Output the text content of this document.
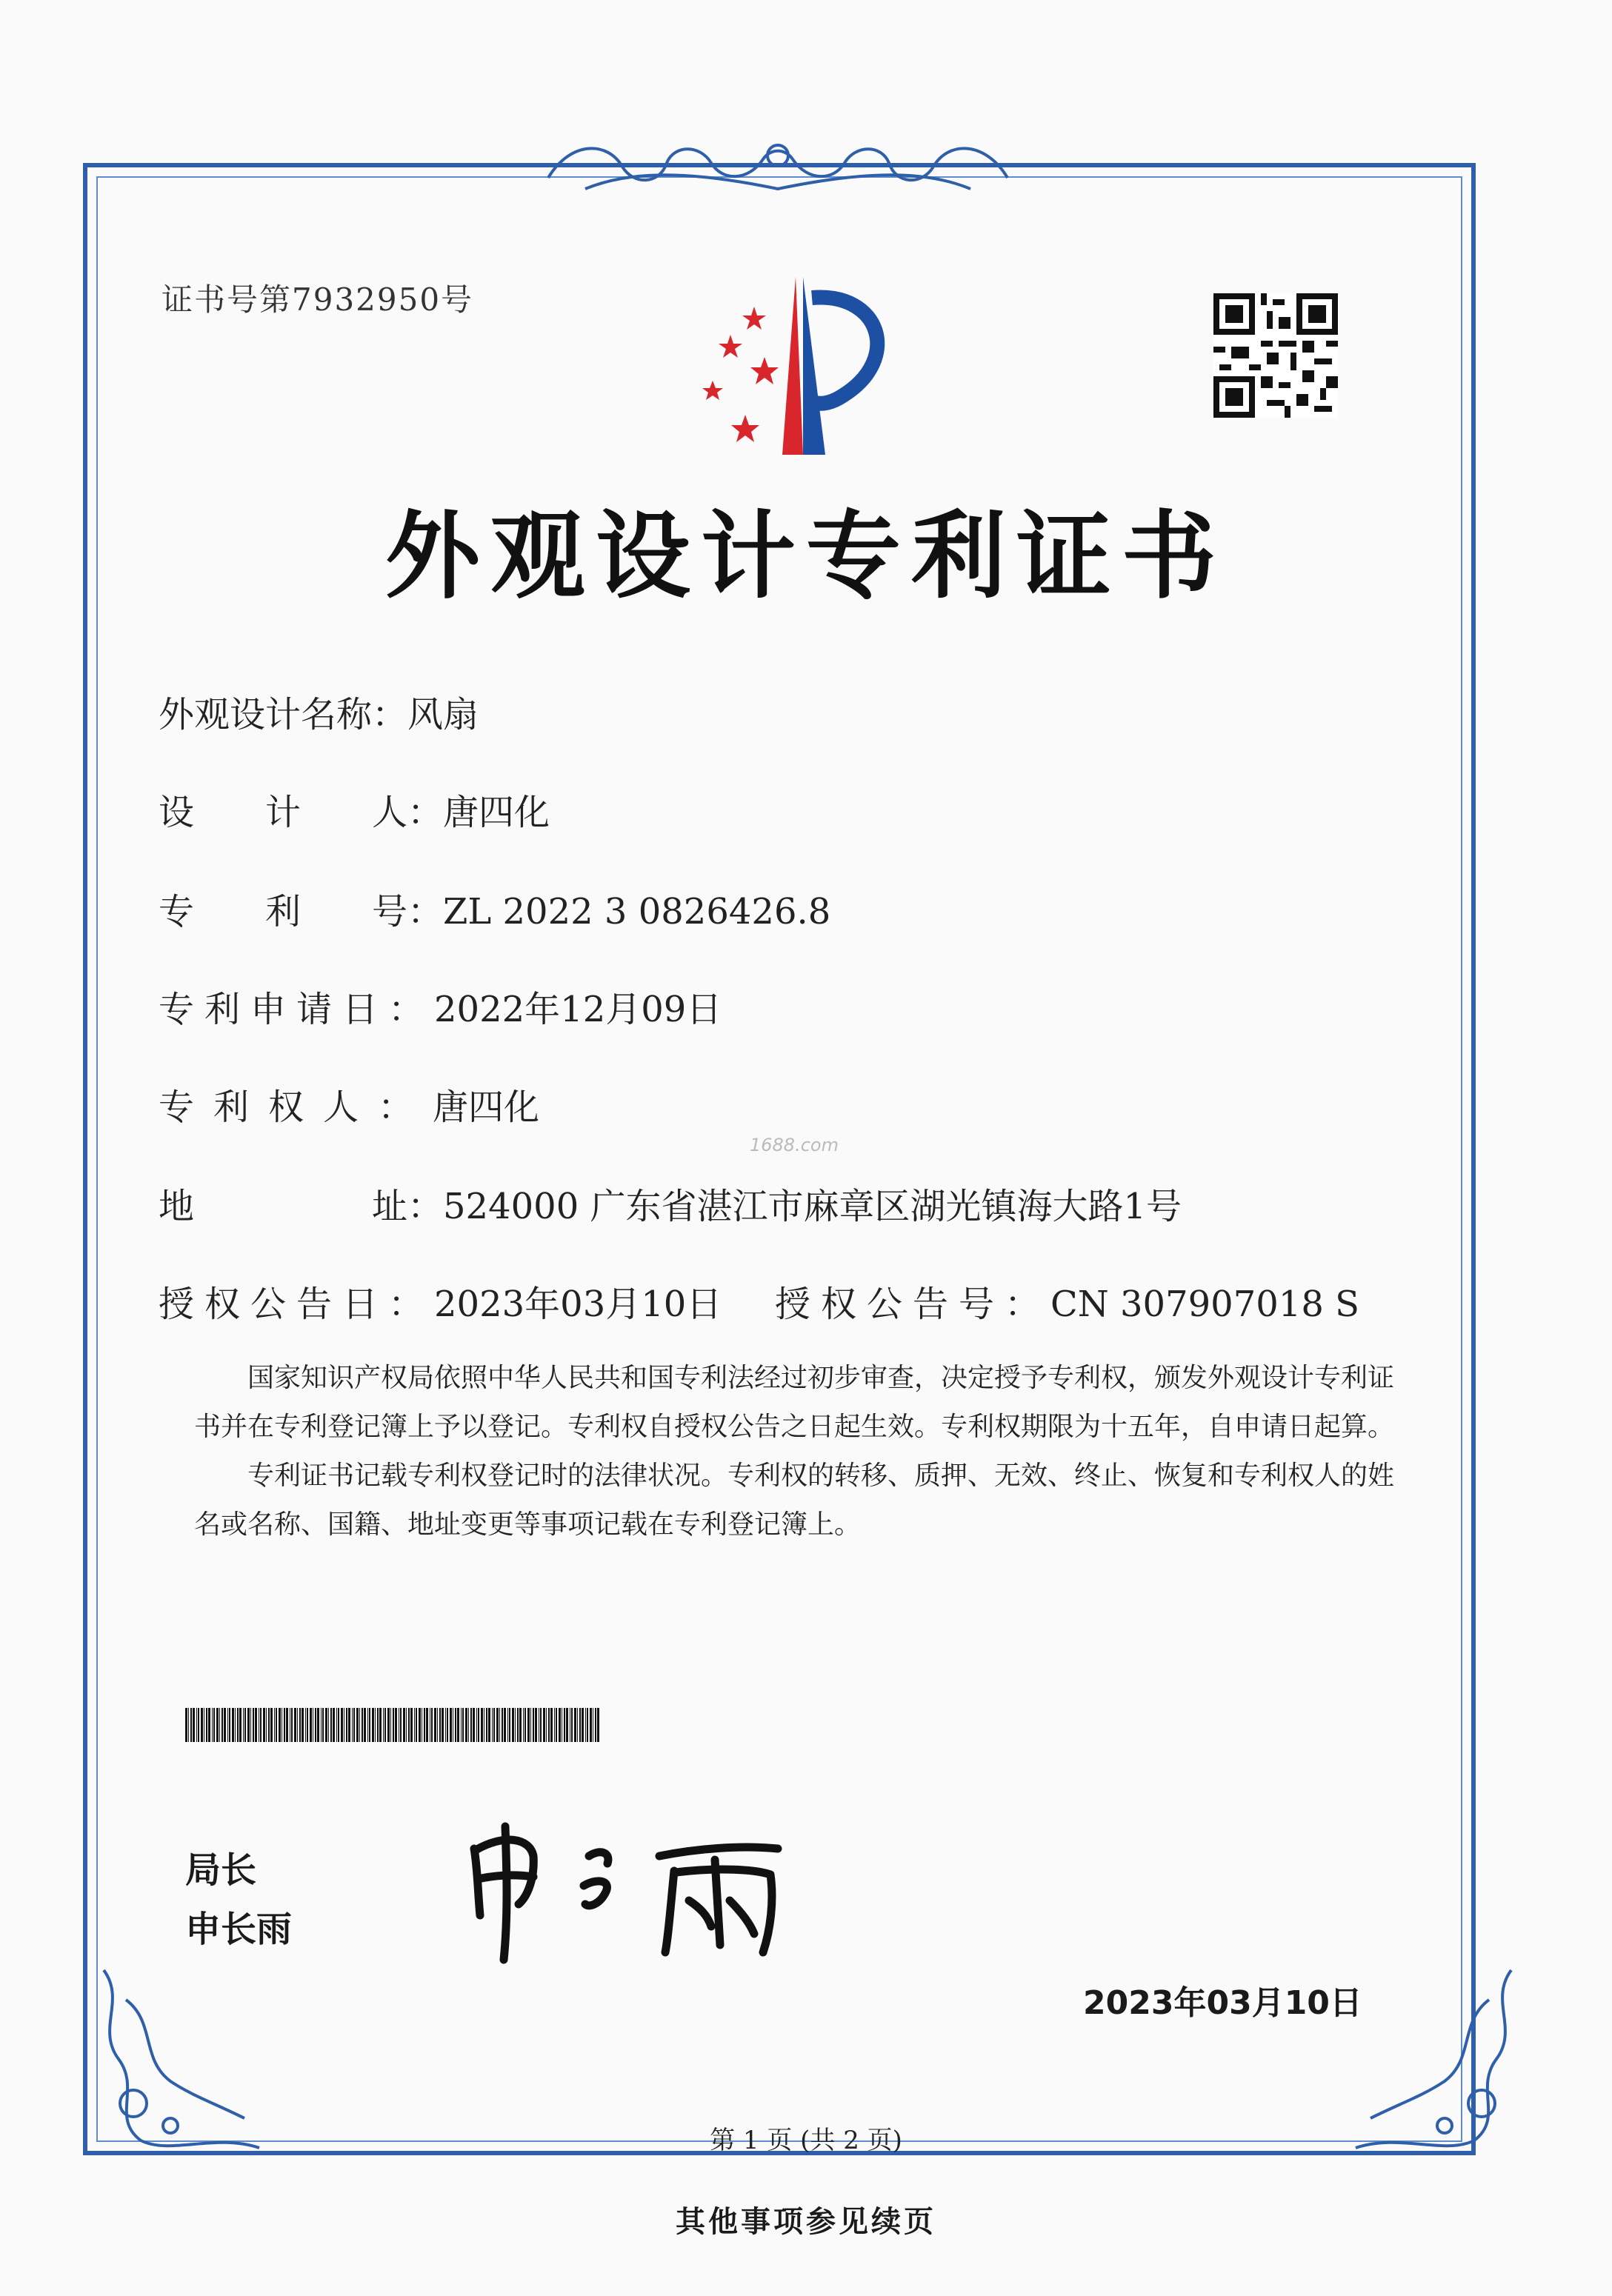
证书号第7932950号
外观设计专利证书
外观设计名称：风扇
设　　计　　人：唐四化
专　　利　　号：ZL 2022 3 0826426.8
专利申请日：2022年12月09日
专利权人：唐四化
地　　　　　址：524000 广东省湛江市麻章区湖光镇海大路1号
授权公告日：2023年03月10日 授权公告号：CN 307907018 S
1688.com

国家知识产权局依照中华人民共和国专利法经过初步审查，决定授予专利权，颁发外观设计专利证书并在专利登记簿上予以登记。专利权自授权公告之日起生效。专利权期限为十五年，自申请日起算。

专利证书记载专利权登记时的法律状况。专利权的转移、质押、无效、终止、恢复和专利权人的姓名或名称、国籍、地址变更等事项记载在专利登记簿上。

局长
申长雨
2023年03月10日
第 1 页 (共 2 页)
其他事项参见续页
